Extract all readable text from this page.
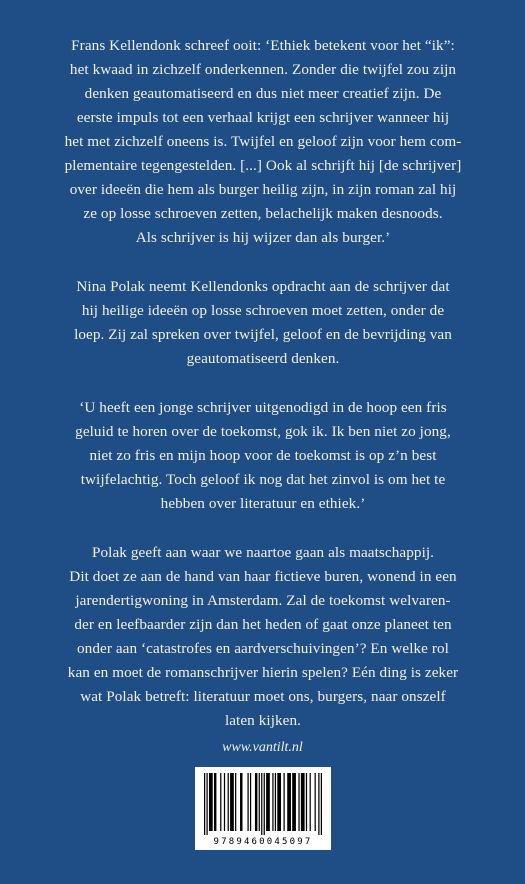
Frans Kellendonk schreef ooit: ‘Ethiek betekent voor het “ik”:
het kwaad in zichzelf onderkennen. Zonder die twijfel zou zijn
denken geautomatiseerd en dus niet meer creatief zijn. De
eerste impuls tot een verhaal krijgt een schrijver wanneer hij
het met zichzelf oneens is. Twijfel en geloof zijn voor hem com-
plementaire tegengestelden. [...] Ook al schrijft hij [de schrijver]
over ideeën die hem als burger heilig zijn, in zijn roman zal hij
ze op losse schroeven zetten, belachelijk maken desnoods.
Als schrijver is hij wijzer dan als burger.’

Nina Polak neemt Kellendonks opdracht aan de schrijver dat
hij heilige ideeën op losse schroeven moet zetten, onder de
loep. Zij zal spreken over twijfel, geloof en de bevrijding van
geautomatiseerd denken.

‘U heeft een jonge schrijver uitgenodigd in de hoop een fris
geluid te horen over de toekomst, gok ik. Ik ben niet zo jong,
niet zo fris en mijn hoop voor de toekomst is op z’n best
twijfelachtig. Toch geloof ik nog dat het zinvol is om het te
hebben over literatuur en ethiek.’

Polak geeft aan waar we naartoe gaan als maatschappij.
Dit doet ze aan de hand van haar fictieve buren, wonend in een
jarendertigwoning in Amsterdam. Zal de toekomst welvaren-
der en leefbaarder zijn dan het heden of gaat onze planeet ten
onder aan ‘catastrofes en aardverschuivingen’? En welke rol
kan en moet de romanschrijver hierin spelen? Eén ding is zeker
wat Polak betreft: literatuur moet ons, burgers, naar onszelf
laten kijken.

www.vantilt.nl
9789460045097
